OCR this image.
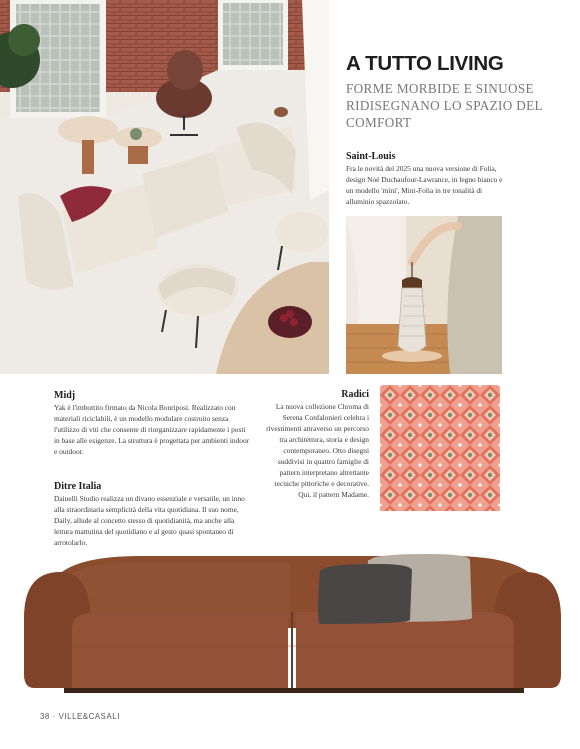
A TUTTO LIVING
FORME MORBIDE E SINUOSE RIDISEGNANO LO SPAZIO DEL COMFORT
Saint-Louis
Fra le novità del 2025 una nuova versione di Folia, design Noé Duchaufour-Lawrance, in legno bianco e un modello 'mini', Mini-Folia in tre tonalità di alluminio spazzolato.
Midj
Yak è l'imbottito firmato da Nicola Bonriposi. Realizzato con materiali riciclabili, è un modello modulare costruito senza l'utilizzo di viti che consente di riorganizzare rapidamente i posti in base alle esigenze. La struttura è progettata per ambienti indoor e outdoor.
Ditre Italia
Dainelli Studio realizza un divano essenziale e versatile, un inno alla straordinaria semplicità della vita quotidiana. Il suo nome, Daily, allude al concetto stesso di quotidianità, ma anche alla lettura mattutina del quotidiano e al gesto quasi spontaneo di arrotolarlo.
Radici
La nuova collezione Chroma di Serena Confalonieri celebra i rivestimenti attraverso un percorso tra architettura, storia e design contemporaneo. Otto disegni suddivisi in quattro famiglie di pattern interpretano altrettante tecniche pittoriche e decorative. Qui, il pattern Madame.
38 · VILLE&CASALI
